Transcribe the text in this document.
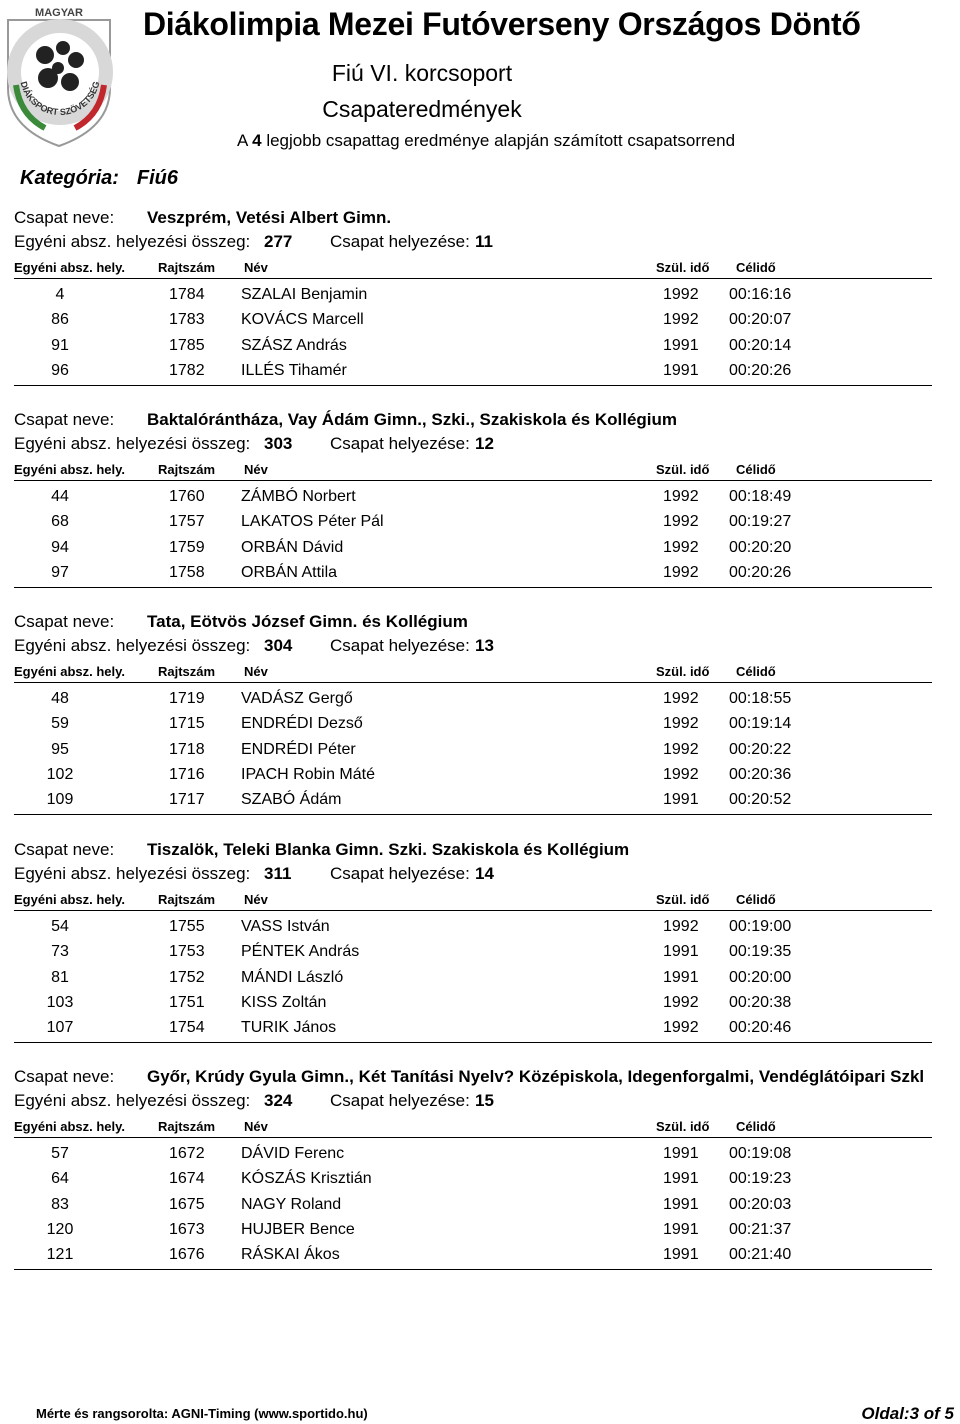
MAGYAR
DIÁKSPORT SZÖVETSÉG
Diákolimpia Mezei Futóverseny Országos Döntő
Fiú VI. korcsoport
Csapateredmények
A 4 legjobb csapattag eredménye alapján számított csapatsorrend
Kategória: Fiú6
Csapat neve: Veszprém, Vetési Albert Gimn.
Egyéni absz. helyezési összeg: 277 Csapat helyezése: 11
Egyéni absz. hely.	Rajtszám Név	Szül. idő Célidő
4	1784 SZALAI Benjamin	1992 00:16:16
86	1783 KOVÁCS Marcell	1992 00:20:07
91	1785 SZÁSZ András	1991 00:20:14
96	1782 ILLÉS Tihamér	1991 00:20:26
Csapat neve: Baktalórántháza, Vay Ádám Gimn., Szki., Szakiskola és Kollégium
Egyéni absz. helyezési összeg: 303 Csapat helyezése: 12
Egyéni absz. hely.	Rajtszám Név	Szül. idő Célidő
44	1760 ZÁMBÓ Norbert	1992 00:18:49
68	1757 LAKATOS Péter Pál	1992 00:19:27
94	1759 ORBÁN Dávid	1992 00:20:20
97	1758 ORBÁN Attila	1992 00:20:26
Csapat neve: Tata, Eötvös József Gimn. és Kollégium
Egyéni absz. helyezési összeg: 304 Csapat helyezése: 13
Egyéni absz. hely.	Rajtszám Név	Szül. idő Célidő
48	1719 VADÁSZ Gergő	1992 00:18:55
59	1715 ENDRÉDI Dezső	1992 00:19:14
95	1718 ENDRÉDI Péter	1992 00:20:22
102	1716 IPACH Robin Máté	1992 00:20:36
109	1717 SZABÓ Ádám	1991 00:20:52
Csapat neve: Tiszalök, Teleki Blanka Gimn. Szki. Szakiskola és Kollégium
Egyéni absz. helyezési összeg: 311 Csapat helyezése: 14
Egyéni absz. hely.	Rajtszám Név	Szül. idő Célidő
54	1755 VASS István	1992 00:19:00
73	1753 PÉNTEK András	1991 00:19:35
81	1752 MÁNDI László	1991 00:20:00
103	1751 KISS Zoltán	1992 00:20:38
107	1754 TURIK János	1992 00:20:46
Csapat neve: Győr, Krúdy Gyula Gimn., Két Tanítási Nyelv? Középiskola, Idegenforgalmi, Vendéglátóipari Szkl
Egyéni absz. helyezési összeg: 324 Csapat helyezése: 15
Egyéni absz. hely.	Rajtszám Név	Szül. idő Célidő
57	1672 DÁVID Ferenc	1991 00:19:08
64	1674 KÓSZÁS Krisztián	1991 00:19:23
83	1675 NAGY Roland	1991 00:20:03
120	1673 HUJBER Bence	1991 00:21:37
121	1676 RÁSKAI Ákos	1991 00:21:40
Mérte és rangsorolta: AGNI-Timing (www.sportido.hu)	Oldal:3 of 5
